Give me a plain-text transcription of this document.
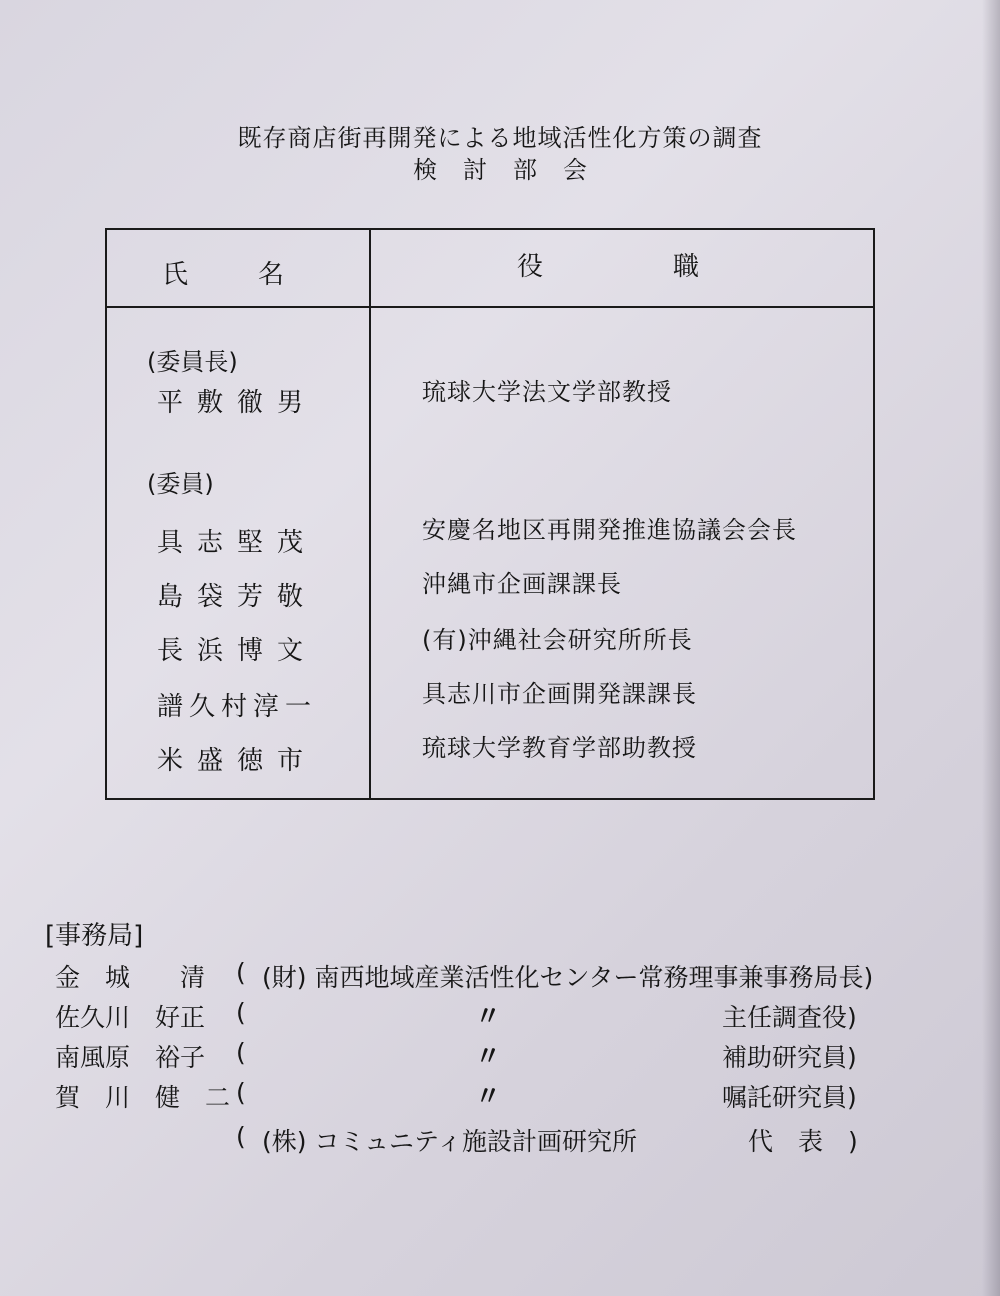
既存商店街再開発による地域活性化方策の調査
検討部会
氏名	役職
(委員長)
平敷徹男	琉球大学法文学部教授
(委員)
具志堅茂	安慶名地区再開発推進協議会会長
島袋芳敬	沖縄市企画課課長
長浜博文	(有)沖縄社会研究所所長
譜久村淳一	具志川市企画開発課課長
米盛徳市	琉球大学教育学部助教授
[事務局]
金　城　　清 ( (財) 南西地域産業活性化センター常務理事兼事務局長)
佐久川　好正 (	〃	主任調査役)
南風原　裕子 (	〃	補助研究員)
賀　川　健　二 (	〃	嘱託研究員)
( (株) コミュニティ施設計画研究所	代　表　)
